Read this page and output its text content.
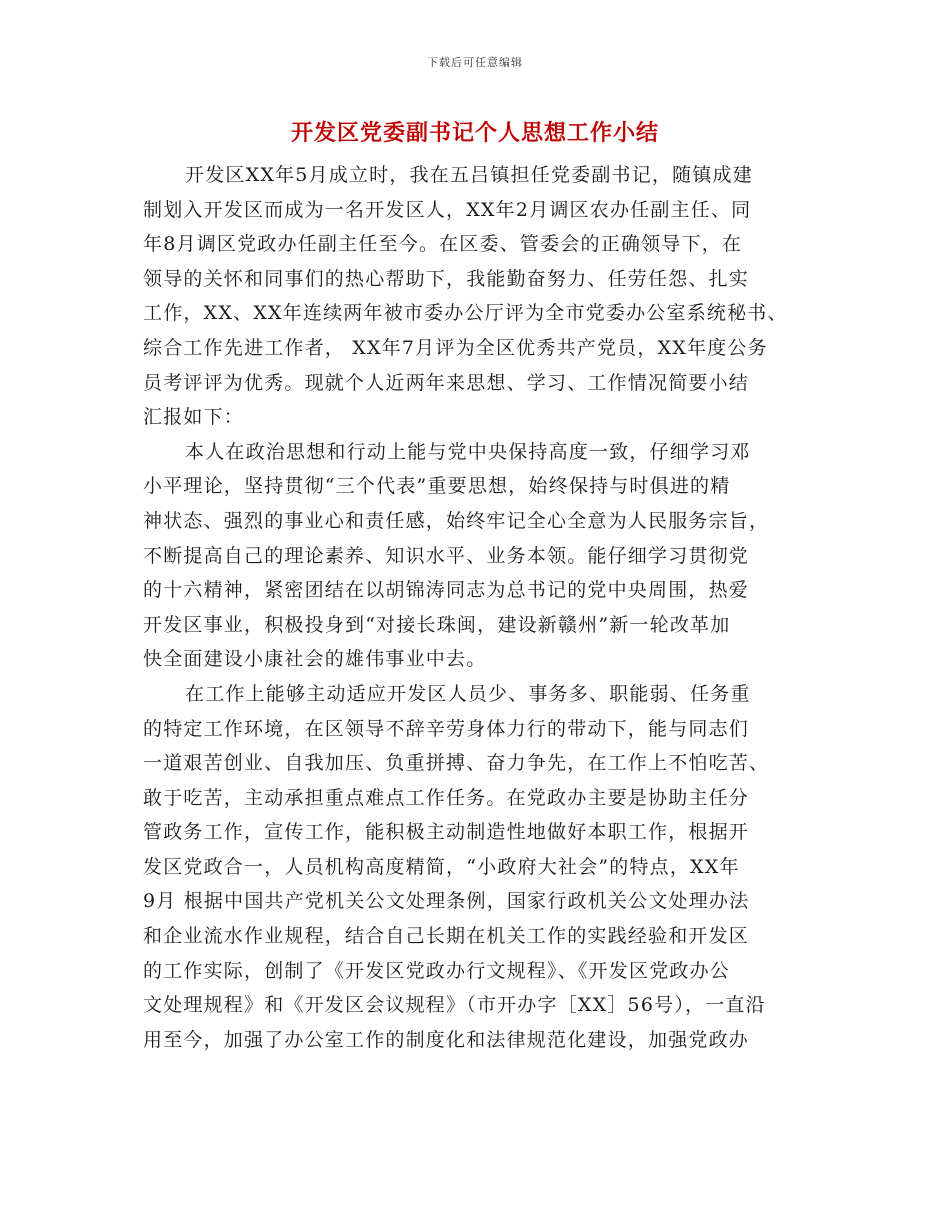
下载后可任意编辑
开发区党委副书记个人思想工作小结
开发区XX年5月成立时，我在五吕镇担任党委副书记，随镇成建
制划入开发区而成为一名开发区人，XX年2月调区农办任副主任、同
年8月调区党政办任副主任至今。在区委、管委会的正确领导下，在
领导的关怀和同事们的热心帮助下，我能勤奋努力、任劳任怨、扎实
工作，XX、XX年连续两年被市委办公厅评为全市党委办公室系统秘书、
综合工作先进工作者， XX年7月评为全区优秀共产党员，XX年度公务
员考评评为优秀。现就个人近两年来思想、学习、工作情况简要小结
汇报如下：
本人在政治思想和行动上能与党中央保持高度一致，仔细学习邓
小平理论，坚持贯彻“三个代表”重要思想，始终保持与时俱进的精
神状态、强烈的事业心和责任感，始终牢记全心全意为人民服务宗旨，
不断提高自己的理论素养、知识水平、业务本领。能仔细学习贯彻党
的十六精神，紧密团结在以胡锦涛同志为总书记的党中央周围，热爱
开发区事业，积极投身到“对接长珠闽，建设新赣州”新一轮改革加
快全面建设小康社会的雄伟事业中去。
在工作上能够主动适应开发区人员少、事务多、职能弱、任务重
的特定工作环境，在区领导不辞辛劳身体力行的带动下，能与同志们
一道艰苦创业、自我加压、负重拼搏、奋力争先，在工作上不怕吃苦、
敢于吃苦，主动承担重点难点工作任务。在党政办主要是协助主任分
管政务工作，宣传工作，能积极主动制造性地做好本职工作，根据开
发区党政合一，人员机构高度精简，“小政府大社会”的特点，XX年
9月 根据中国共产党机关公文处理条例，国家行政机关公文处理办法
和企业流水作业规程，结合自己长期在机关工作的实践经验和开发区
的工作实际，创制了《开发区党政办行文规程》、《开发区党政办公
文处理规程》和《开发区会议规程》（市开办字［XX］56号），一直沿
用至今，加强了办公室工作的制度化和法律规范化建设，加强党政办
